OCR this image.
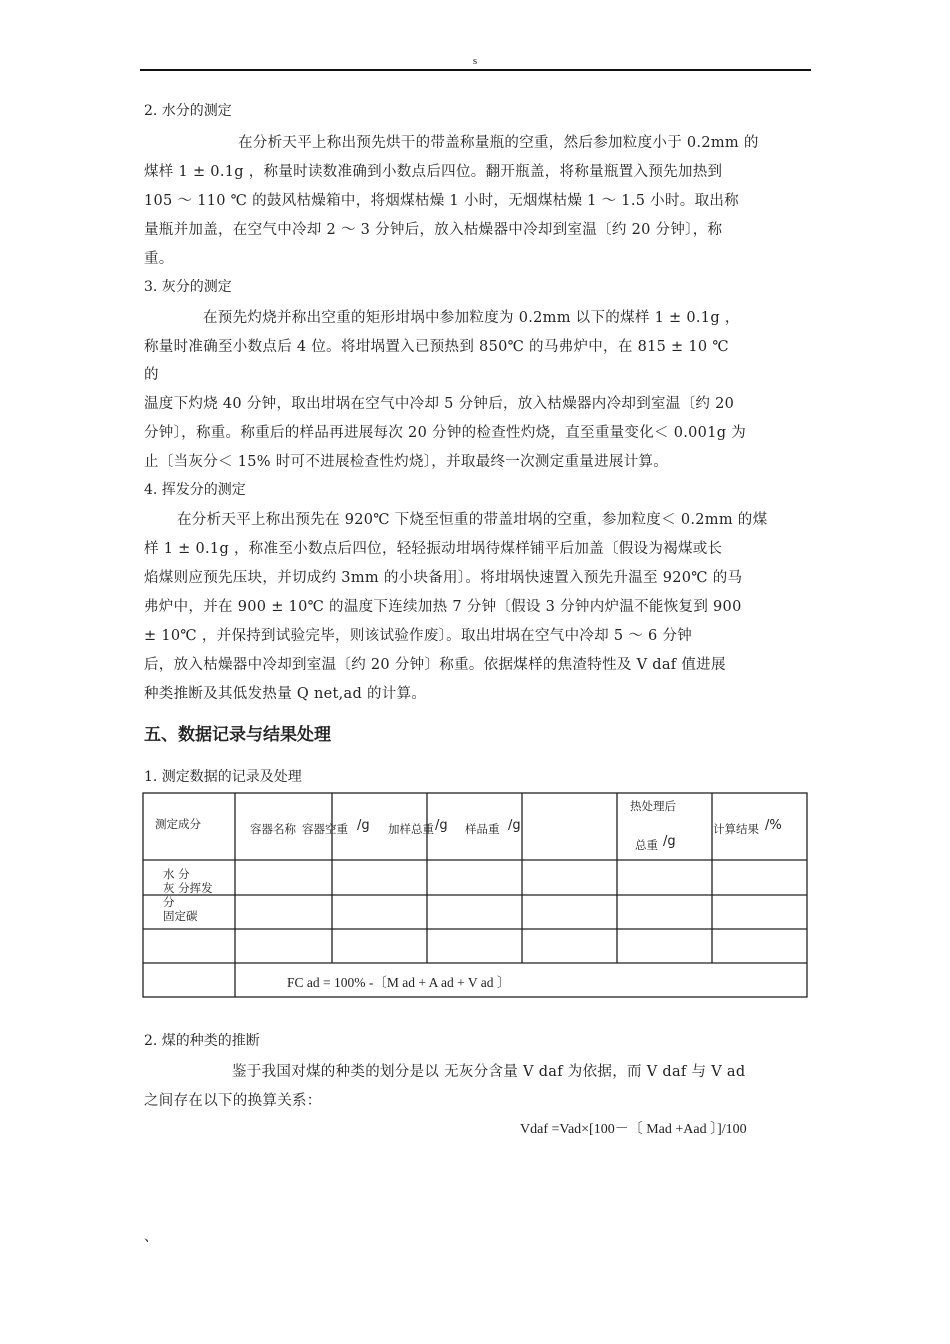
s
2. 水分的测定
在分析天平上称出预先烘干的带盖称量瓶的空重，然后参加粒度小于 0.2mm 的
煤样 1 ± 0.1g ，称量时读数准确到小数点后四位。翻开瓶盖，将称量瓶置入预先加热到
105 ～ 110 ℃ 的鼓风枯燥箱中，将烟煤枯燥 1 小时，无烟煤枯燥 1 ～ 1.5 小时。取出称
量瓶并加盖，在空气中冷却 2 ～ 3 分钟后，放入枯燥器中冷却到室温〔约 20 分钟〕，称
重。
3. 灰分的测定
在预先灼烧并称出空重的矩形坩埚中参加粒度为 0.2mm 以下的煤样 1 ± 0.1g ，
称量时准确至小数点后 4 位。将坩埚置入已预热到 850℃ 的马弗炉中，在 815 ± 10 ℃
的
温度下灼烧 40 分钟，取出坩埚在空气中冷却 5 分钟后，放入枯燥器内冷却到室温〔约 20
分钟〕，称重。称重后的样品再进展每次 20 分钟的检查性灼烧，直至重量变化＜ 0.001g 为
止〔当灰分＜ 15% 时可不进展检查性灼烧〕，并取最终一次测定重量进展计算。
4. 挥发分的测定
在分析天平上称出预先在 920℃ 下烧至恒重的带盖坩埚的空重，参加粒度＜ 0.2mm 的煤
样 1 ± 0.1g ，称准至小数点后四位，轻轻振动坩埚待煤样铺平后加盖〔假设为褐煤或长
焰煤则应预先压块，并切成约 3mm 的小块备用〕。将坩埚快速置入预先升温至 920℃ 的马
弗炉中，并在 900 ± 10℃ 的温度下连续加热 7 分钟〔假设 3 分钟内炉温不能恢复到 900
± 10℃ ，并保持到试验完毕，则该试验作废〕。取出坩埚在空气中冷却 5 ～ 6 分钟
后，放入枯燥器中冷却到室温〔约 20 分钟〕称重。依据煤样的焦渣特性及 V daf 值进展
种类推断及其低发热量 Q net,ad 的计算。
五、数据记录与结果处理
1. 测定数据的记录及处理
测定成分	容器名称 容器空重 /g 加样总重 /g 样品重 /g
热处理后
总重 /g
计算结果 /%
水 分
灰 分挥发
分
固定碳
FC ad = 100% -〔M ad + A ad + V ad 〕
2. 煤的种类的推断
鉴于我国对煤的种类的划分是以 无灰分含量 V daf 为依据，而 V daf 与 V ad
之间存在以下的换算关系：
Vdaf =Vad×[100－〔 Mad +Aad 〕]/100
、
